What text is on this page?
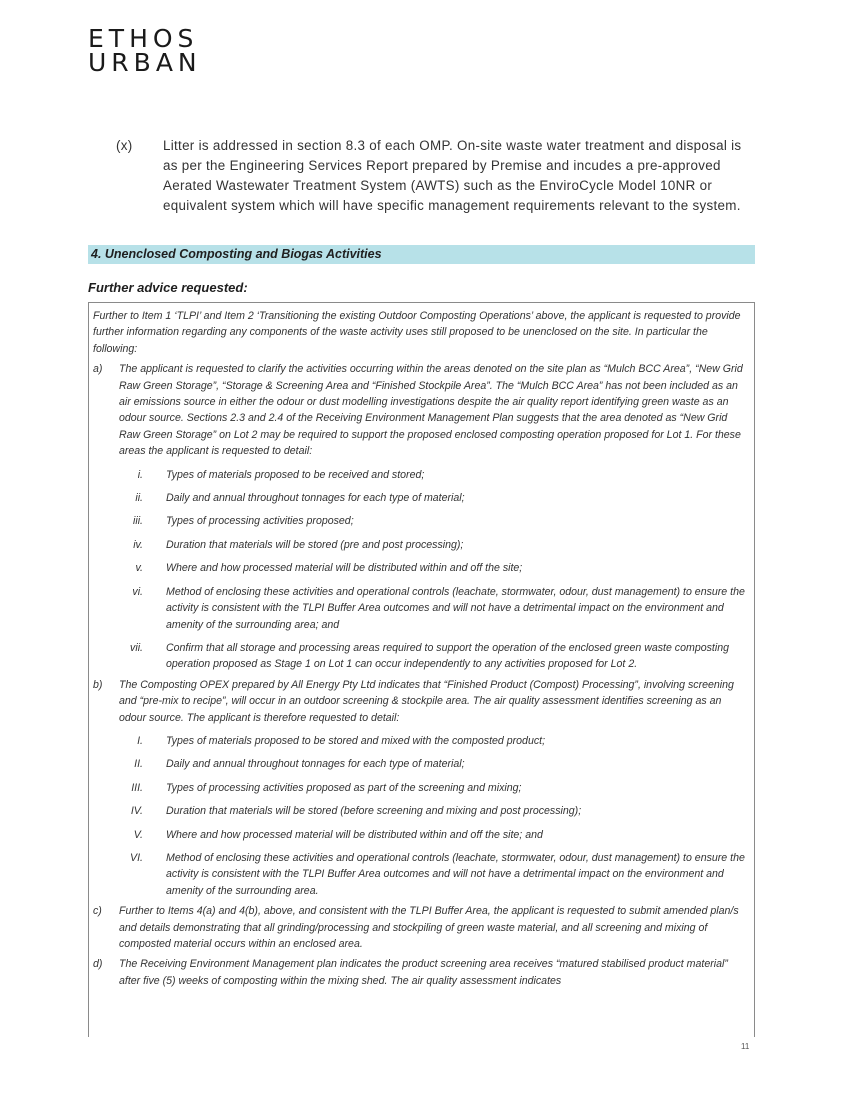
ETHOS
URBAN
(x) Litter is addressed in section 8.3 of each OMP. On-site waste water treatment and disposal is as per the Engineering Services Report prepared by Premise and incudes a pre-approved Aerated Wastewater Treatment System (AWTS) such as the EnviroCycle Model 10NR or equivalent system which will have specific management requirements relevant to the system.
4. Unenclosed Composting and Biogas Activities
Further advice requested:
Further to Item 1 ‘TLPI’ and Item 2 ‘Transitioning the existing Outdoor Composting Operations’ above, the applicant is requested to provide further information regarding any components of the waste activity uses still proposed to be unenclosed on the site. In particular the following:
a) The applicant is requested to clarify the activities occurring within the areas denoted on the site plan as “Mulch BCC Area”, “New Grid Raw Green Storage”, “Storage & Screening Area and “Finished Stockpile Area”. The “Mulch BCC Area” has not been included as an air emissions source in either the odour or dust modelling investigations despite the air quality report identifying green waste as an odour source. Sections 2.3 and 2.4 of the Receiving Environment Management Plan suggests that the area denoted as “New Grid Raw Green Storage” on Lot 2 may be required to support the proposed enclosed composting operation proposed for Lot 1. For these areas the applicant is requested to detail:
i. Types of materials proposed to be received and stored;
ii. Daily and annual throughout tonnages for each type of material;
iii. Types of processing activities proposed;
iv. Duration that materials will be stored (pre and post processing);
v. Where and how processed material will be distributed within and off the site;
vi. Method of enclosing these activities and operational controls (leachate, stormwater, odour, dust management) to ensure the activity is consistent with the TLPI Buffer Area outcomes and will not have a detrimental impact on the environment and amenity of the surrounding area; and
vii. Confirm that all storage and processing areas required to support the operation of the enclosed green waste composting operation proposed as Stage 1 on Lot 1 can occur independently to any activities proposed for Lot 2.
b) The Composting OPEX prepared by All Energy Pty Ltd indicates that “Finished Product (Compost) Processing”, involving screening and “pre-mix to recipe”, will occur in an outdoor screening & stockpile area. The air quality assessment identifies screening as an odour source. The applicant is therefore requested to detail:
I. Types of materials proposed to be stored and mixed with the composted product;
II. Daily and annual throughout tonnages for each type of material;
III. Types of processing activities proposed as part of the screening and mixing;
IV. Duration that materials will be stored (before screening and mixing and post processing);
V. Where and how processed material will be distributed within and off the site; and
VI. Method of enclosing these activities and operational controls (leachate, stormwater, odour, dust management) to ensure the activity is consistent with the TLPI Buffer Area outcomes and will not have a detrimental impact on the environment and amenity of the surrounding area.
c) Further to Items 4(a) and 4(b), above, and consistent with the TLPI Buffer Area, the applicant is requested to submit amended plan/s and details demonstrating that all grinding/processing and stockpiling of green waste material, and all screening and mixing of composted material occurs within an enclosed area.
d) The Receiving Environment Management plan indicates the product screening area receives “matured stabilised product material” after five (5) weeks of composting within the mixing shed. The air quality assessment indicates
11
